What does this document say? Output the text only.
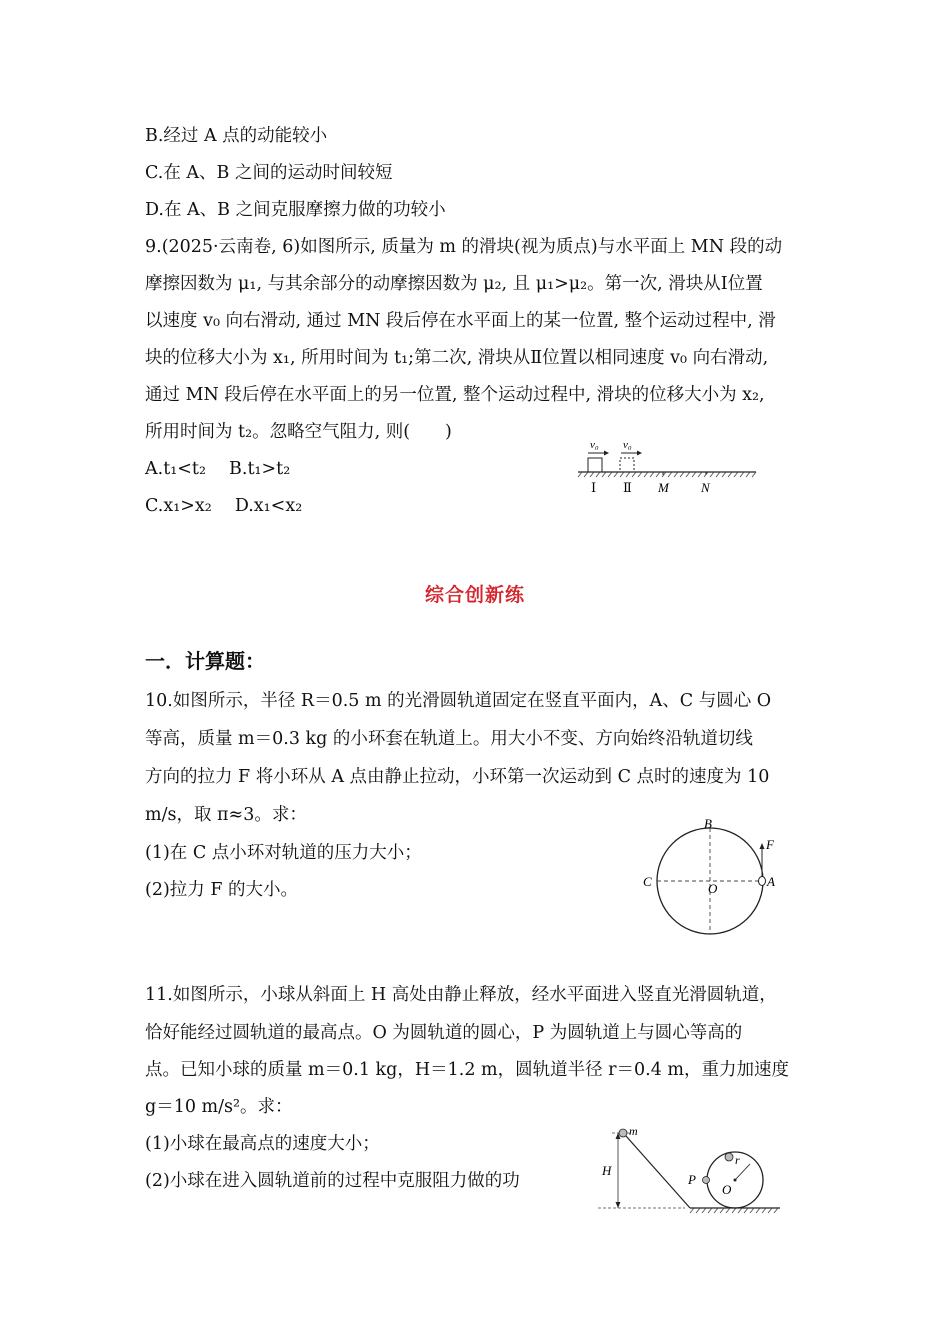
B.经过 A 点的动能较小
C.在 A、B 之间的运动时间较短
D.在 A、B 之间克服摩擦力做的功较小
9.(2025·云南卷, 6)如图所示, 质量为 m 的滑块(视为质点)与水平面上 MN 段的动
摩擦因数为 μ₁, 与其余部分的动摩擦因数为 μ₂, 且 μ₁>μ₂。第一次, 滑块从Ⅰ位置
以速度 v₀ 向右滑动, 通过 MN 段后停在水平面上的某一位置, 整个运动过程中, 滑
块的位移大小为 x₁, 所用时间为 t₁;第二次, 滑块从Ⅱ位置以相同速度 v₀ 向右滑动,
通过 MN 段后停在水平面上的另一位置, 整个运动过程中, 滑块的位移大小为 x₂,
所用时间为 t₂。忽略空气阻力, 则(　　)
A.t₁<t₂　 B.t₁>t₂
C.x₁>x₂　 D.x₁<x₂
v₀ v₀
Ⅰ Ⅱ M N
综合创新练
一．计算题：
10.如图所示，半径 R＝0.5 m 的光滑圆轨道固定在竖直平面内，A、C 与圆心 O
等高，质量 m＝0.3 kg 的小环套在轨道上。用大小不变、方向始终沿轨道切线
方向的拉力 F 将小环从 A 点由静止拉动，小环第一次运动到 C 点时的速度为 10
m/s，取 π≈3。求：
(1)在 C 点小环对轨道的压力大小；
(2)拉力 F 的大小。
B
C	O	A
F
11.如图所示，小球从斜面上 H 高处由静止释放，经水平面进入竖直光滑圆轨道，
恰好能经过圆轨道的最高点。O 为圆轨道的圆心，P 为圆轨道上与圆心等高的
点。已知小球的质量 m＝0.1 kg，H＝1.2 m，圆轨道半径 r＝0.4 m，重力加速度
g＝10 m/s²。求：
(1)小球在最高点的速度大小；
(2)小球在进入圆轨道前的过程中克服阻力做的功
H
m
r
P
O
